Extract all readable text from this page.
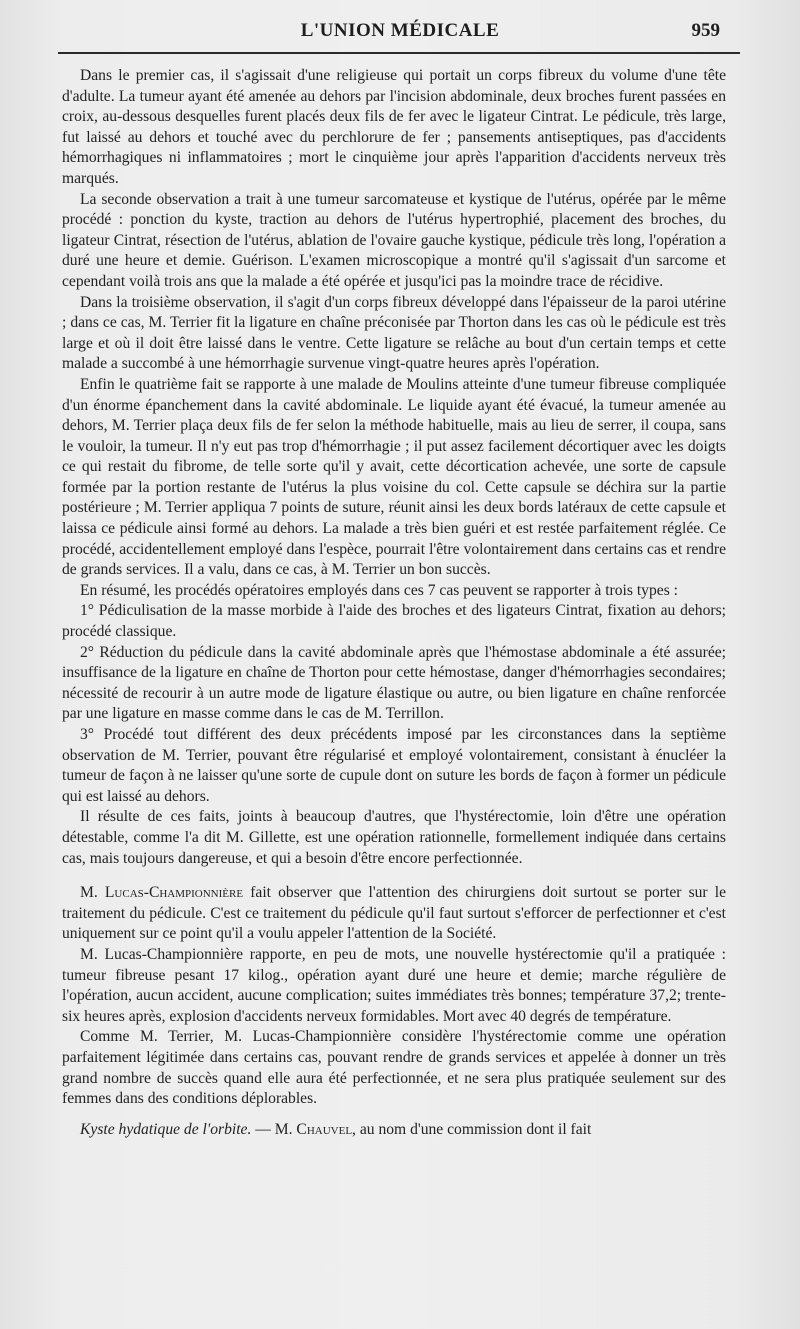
L'UNION MÉDICALE	959

Dans le premier cas, il s'agissait d'une religieuse qui portait un corps fibreux du volume d'une tête d'adulte. La tumeur ayant été amenée au dehors par l'incision abdominale, deux broches furent passées en croix, au-dessous desquelles furent placés deux fils de fer avec le ligateur Cintrat. Le pédicule, très large, fut laissé au dehors et touché avec du perchlorure de fer ; pansements antiseptiques, pas d'accidents hémorrhagiques ni inflammatoires ; mort le cinquième jour après l'apparition d'accidents nerveux très marqués.

La seconde observation a trait à une tumeur sarcomateuse et kystique de l'utérus, opérée par le même procédé : ponction du kyste, traction au dehors de l'utérus hypertrophié, placement des broches, du ligateur Cintrat, résection de l'utérus, ablation de l'ovaire gauche kystique, pédicule très long, l'opération a duré une heure et demie. Guérison. L'examen microscopique a montré qu'il s'agissait d'un sarcome et cependant voilà trois ans que la malade a été opérée et jusqu'ici pas la moindre trace de récidive.

Dans la troisième observation, il s'agit d'un corps fibreux développé dans l'épaisseur de la paroi utérine ; dans ce cas, M. Terrier fit la ligature en chaîne préconisée par Thorton dans les cas où le pédicule est très large et où il doit être laissé dans le ventre. Cette ligature se relâche au bout d'un certain temps et cette malade a succombé à une hémorrhagie survenue vingt-quatre heures après l'opération.

Enfin le quatrième fait se rapporte à une malade de Moulins atteinte d'une tumeur fibreuse compliquée d'un énorme épanchement dans la cavité abdominale. Le liquide ayant été évacué, la tumeur amenée au dehors, M. Terrier plaça deux fils de fer selon la méthode habituelle, mais au lieu de serrer, il coupa, sans le vouloir, la tumeur. Il n'y eut pas trop d'hémorrhagie ; il put assez facilement décortiquer avec les doigts ce qui restait du fibrome, de telle sorte qu'il y avait, cette décortication achevée, une sorte de capsule formée par la portion restante de l'utérus la plus voisine du col. Cette capsule se déchira sur la partie postérieure ; M. Terrier appliqua 7 points de suture, réunit ainsi les deux bords latéraux de cette capsule et laissa ce pédicule ainsi formé au dehors. La malade a très bien guéri et est restée parfaitement réglée. Ce procédé, accidentellement employé dans l'espèce, pourrait l'être volontairement dans certains cas et rendre de grands services. Il a valu, dans ce cas, à M. Terrier un bon succès.

En résumé, les procédés opératoires employés dans ces 7 cas peuvent se rapporter à trois types :

1° Pédiculisation de la masse morbide à l'aide des broches et des ligateurs Cintrat, fixation au dehors; procédé classique.

2° Réduction du pédicule dans la cavité abdominale après que l'hémostase abdominale a été assurée; insuffisance de la ligature en chaîne de Thorton pour cette hémostase, danger d'hémorrhagies secondaires; nécessité de recourir à un autre mode de ligature élastique ou autre, ou bien ligature en chaîne renforcée par une ligature en masse comme dans le cas de M. Terrillon.

3° Procédé tout différent des deux précédents imposé par les circonstances dans la septième observation de M. Terrier, pouvant être régularisé et employé volontairement, consistant à énucléer la tumeur de façon à ne laisser qu'une sorte de cupule dont on suture les bords de façon à former un pédicule qui est laissé au dehors.

Il résulte de ces faits, joints à beaucoup d'autres, que l'hystérectomie, loin d'être une opération détestable, comme l'a dit M. Gillette, est une opération rationnelle, formellement indiquée dans certains cas, mais toujours dangereuse, et qui a besoin d'être encore perfectionnée.

M. Lucas-Championnière fait observer que l'attention des chirurgiens doit surtout se porter sur le traitement du pédicule. C'est ce traitement du pédicule qu'il faut surtout s'efforcer de perfectionner et c'est uniquement sur ce point qu'il a voulu appeler l'attention de la Société.

M. Lucas-Championnière rapporte, en peu de mots, une nouvelle hystérectomie qu'il a pratiquée : tumeur fibreuse pesant 17 kilog., opération ayant duré une heure et demie; marche régulière de l'opération, aucun accident, aucune complication; suites immédiates très bonnes; température 37,2; trente-six heures après, explosion d'accidents nerveux formidables. Mort avec 40 degrés de température.

Comme M. Terrier, M. Lucas-Championnière considère l'hystérectomie comme une opération parfaitement légitimée dans certains cas, pouvant rendre de grands services et appelée à donner un très grand nombre de succès quand elle aura été perfectionnée, et ne sera plus pratiquée seulement sur des femmes dans des conditions déplorables.

Kyste hydatique de l'orbite. — M. Chauvel, au nom d'une commission dont il fait
